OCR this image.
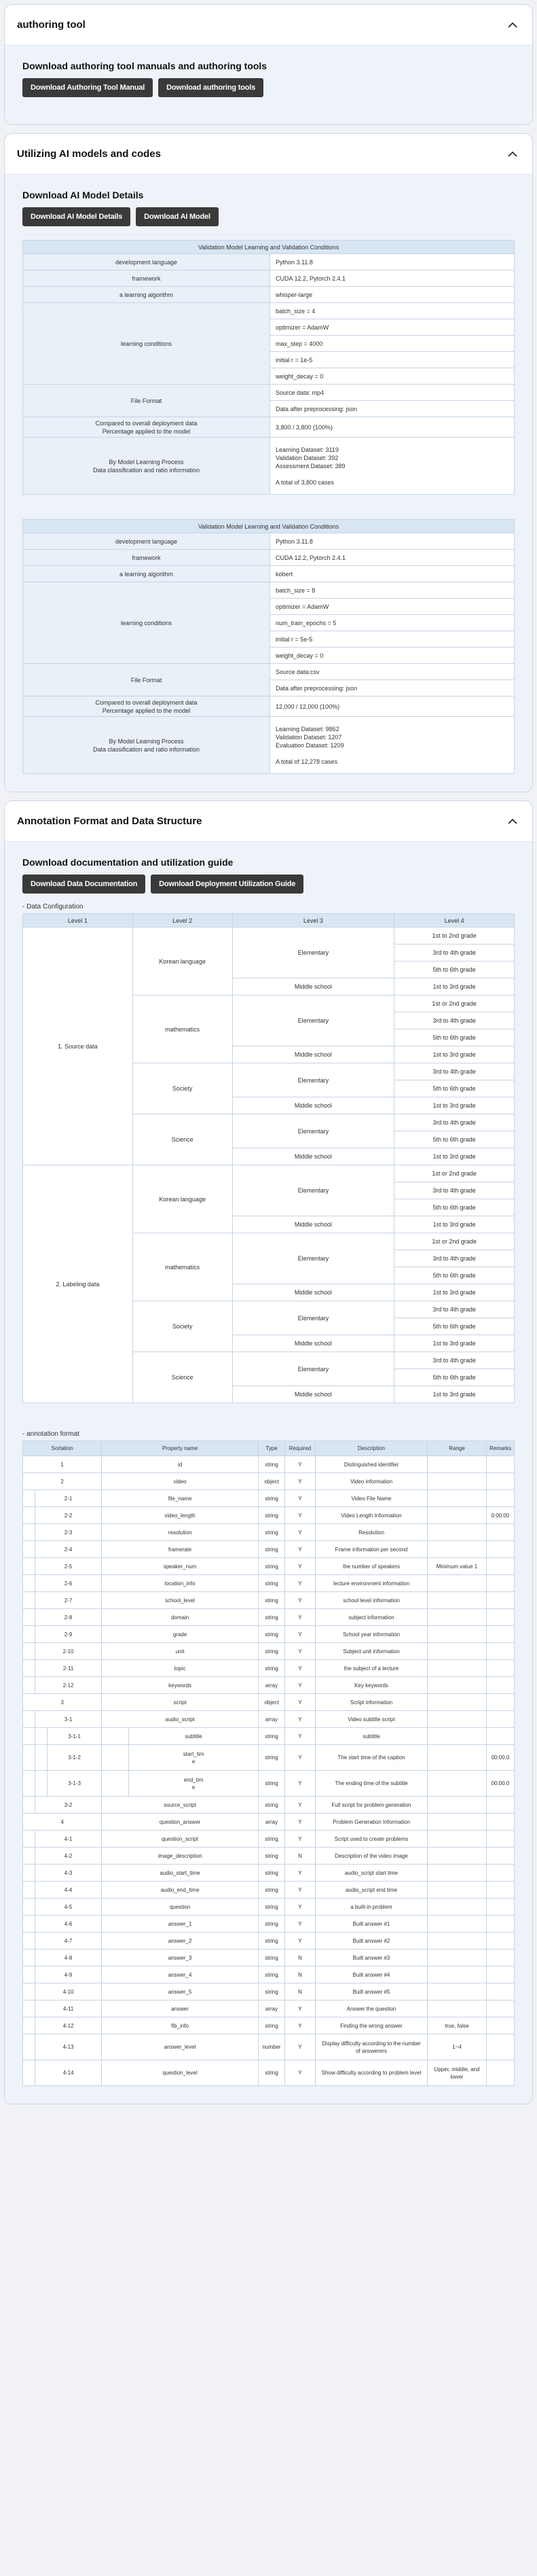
authoring tool
Download authoring tool manuals and authoring tools
Download Authoring Tool Manual	Download authoring tools
Utilizing AI models and codes
Download AI Model Details
Download AI Model Details	Download AI Model
Validation Model Learning and Validation Conditions	
development language	Python 3.11.8
framework	CUDA 12.2, Pytorch 2.4.1
a learning algorithm	whisper-large
learning conditions	batch_size = 4
	optimizer = AdamW
	max_step = 4000
	initial r = 1e-5
	weight_decay = 0
File Format	Source data: mp4
	Data after preprocessing: json
Compared to overall deployment data
Percentage applied to the model	3,800 / 3,800 (100%)
By Model Learning Process
Data classification and ratio information	Learning Dataset: 3119
Validation Dataset: 392
Assessment Dataset: 389

A total of 3,800 cases
Validation Model Learning and Validation Conditions	
development language	Python 3.11.8
framework	CUDA 12.2, Pytorch 2.4.1
a learning algorithm	kobert
learning conditions	batch_size = 8
	optimizer = AdamW
	num_train_epochs = 5
	initial r = 5e-5
	weight_decay = 0
File Format	Source data:csv
	Data after preprocessing: json
Compared to overall deployment data
Percentage applied to the model	12,000 / 12,000 (100%)
By Model Learning Process
Data classification and ratio information	Learning Dataset: 9862
Validation Dataset: 1207
Evaluation Dataset: 1209

A total of 12,278 cases
Annotation Format and Data Structure
Download documentation and utilization guide
Download Data Documentation	Download Deployment Utilization Guide
- Data Configuration
Level 1	Level 2	Level 3	Level 4
1. Source data	Korean language	Elementary	1st to 2nd grade
			3rd to 4th grade
			5th to 6th grade
		Middle school	1st to 3rd grade
	mathematics	Elementary	1st or 2nd grade
			3rd to 4th grade
			5th to 6th grade
		Middle school	1st to 3rd grade
	Society	Elementary	3rd to 4th grade
			5th to 6th grade
		Middle school	1st to 3rd grade
	Science	Elementary	3rd to 4th grade
			5th to 6th grade
		Middle school	1st to 3rd grade
2. Labeling data	Korean language	Elementary	1st or 2nd grade
			3rd to 4th grade
			5th to 6th grade
		Middle school	1st to 3rd grade
	mathematics	Elementary	1st or 2nd grade
			3rd to 4th grade
			5th to 6th grade
		Middle school	1st to 3rd grade
	Society	Elementary	3rd to 4th grade
			5th to 6th grade
		Middle school	1st to 3rd grade
	Science	Elementary	3rd to 4th grade
			5th to 6th grade
		Middle school	1st to 3rd grade
- annotation format
Sortation			Property name		Type	Required	Description	Range	Remarks
1			id		string	Y	Distinguished identifier		
2			video		object	Y	Video information		
	2-1		file_name		string	Y	Video File Name		
	2-2		video_length		string	Y	Video Length Information		0:00:00
	2-3		resolution		string	Y	Resolution		
	2-4		framerate		string	Y	Frame information per second		
	2-5		speaker_num		string	Y	the number of speakers	Minimum value 1	
	2-6		location_info		string	Y	lecture environment information		
	2-7		school_level		string	Y	school level information		
	2-8		domain		string	Y	subject information		
	2-9		grade		string	Y	School year information		
	2-10		unit		string	Y	Subject unit information		
	2-11		topic		string	Y	the subject of a lecture		
	2-12		keywords		array	Y	Key keywords		
3			script		object	Y	Script information		
	3-1		audio_script		array	Y	Video subtitle script		
		3-1-1		subtitle	string	Y	subtitle		
		3-1-2		start_tim
e	string	Y	The start time of the caption		00:00.0
		3-1-3		end_tim
e	string	Y	The ending time of the subtitle		00:00.0
	3-2		source_script		string	Y	Full script for problem generation		
4			question_answer		array	Y	Problem Generation Information		
	4-1		question_script		string	Y	Script used to create problems		
	4-2		image_description		string	N	Description of the video image		
	4-3		audio_start_time		string	Y	audio_script start time		
	4-4		audio_end_time		string	Y	audio_script end time		
	4-5		question		string	Y	a built-in problem		
	4-6		answer_1		string	Y	Built answer #1		
	4-7		answer_2		string	Y	Built answer #2		
	4-8		answer_3		string	N	Built answer #3		
	4-9		answer_4		string	N	Built answer #4		
	4-10		answer_5		string	N	Built answer #5		
	4-11		answer		array	Y	Answer the question		
	4-12		fib_info		string	Y	Finding the wrong answer	true, false	
	4-13		answer_level		number	Y	Display difficulty according to the number of answerers	1~4	
	4-14		question_level		string	Y	Show difficulty according to problem level	Upper, middle, and lower	
